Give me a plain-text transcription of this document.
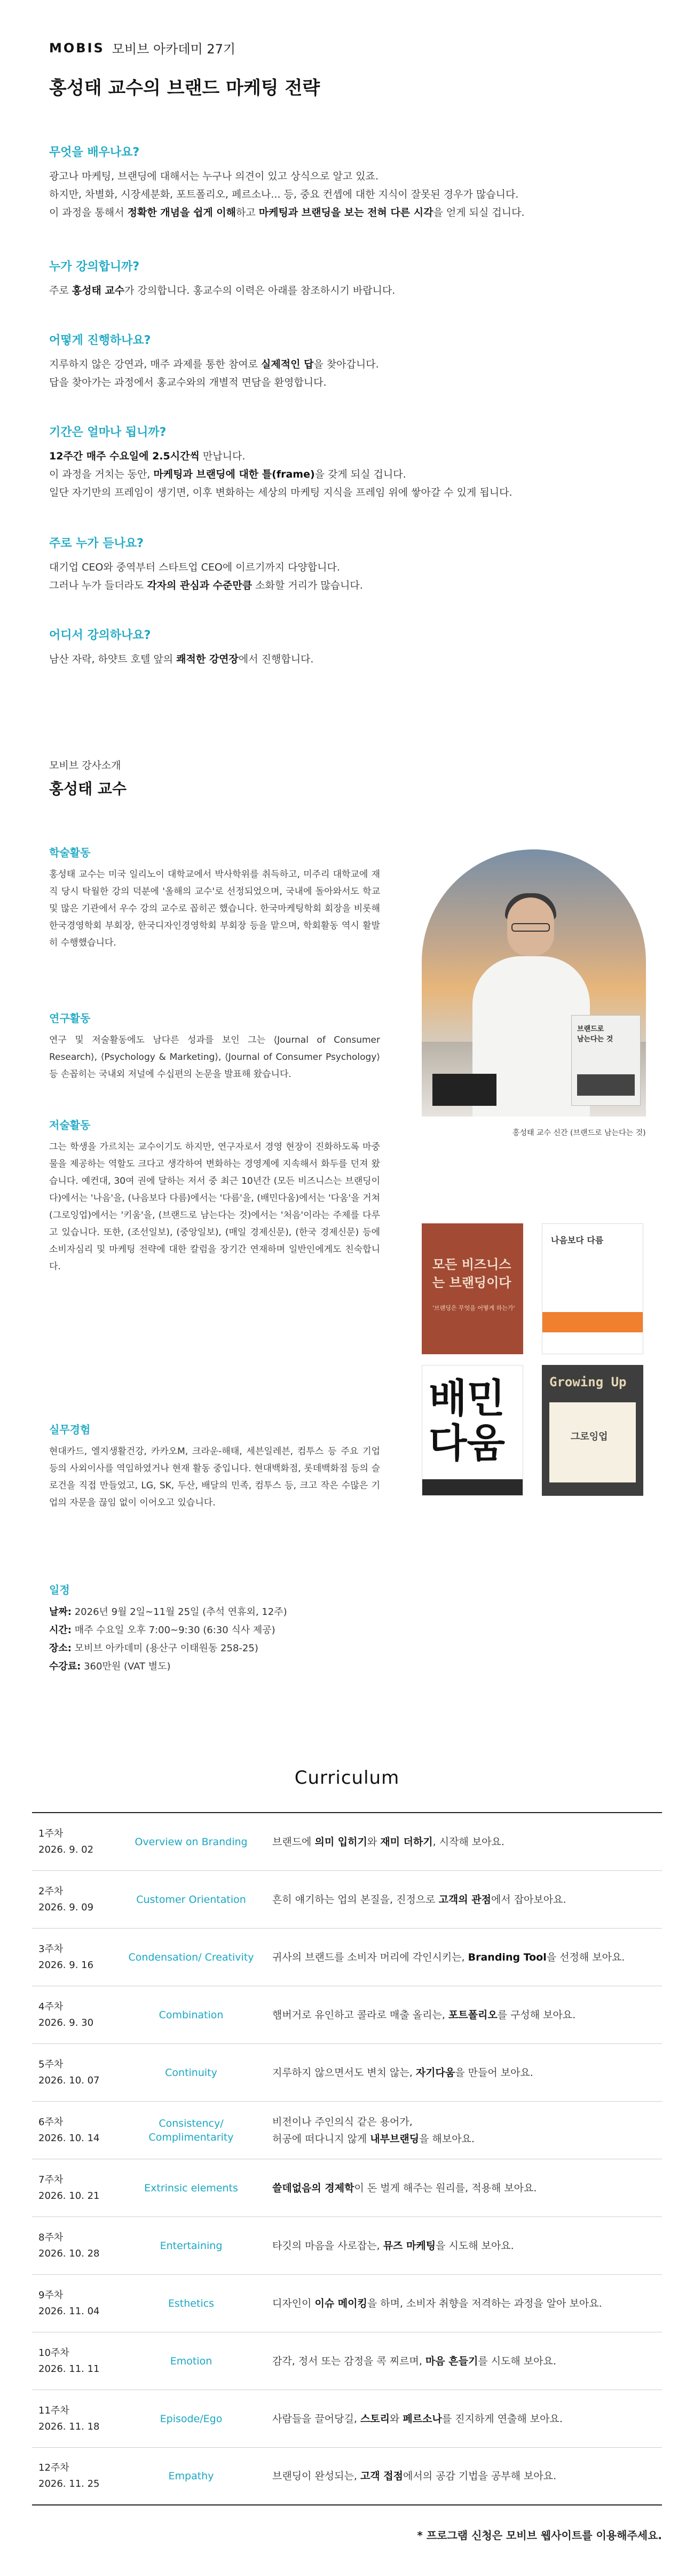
MOBIS 모비브 아카데미 27기
홍성태 교수의 브랜드 마케팅 전략
무엇을 배우나요?

광고나 마케팅, 브랜딩에 대해서는 누구나 의견이 있고 상식으로 알고 있죠.

하지만, 차별화, 시장세분화, 포트폴리오, 페르소나... 등, 중요 컨셉에 대한 지식이 잘못된 경우가 많습니다.

이 과정을 통해서 정확한 개념을 쉽게 이해하고 마케팅과 브랜딩을 보는 전혀 다른 시각을 얻게 되실 겁니다.

누가 강의합니까?

주로 홍성태 교수가 강의합니다. 홍교수의 이력은 아래를 참조하시기 바랍니다.

어떻게 진행하나요?

지루하지 않은 강연과, 매주 과제를 통한 참여로 실제적인 답을 찾아갑니다.

답을 찾아가는 과정에서 홍교수와의 개별적 면담을 환영합니다.

기간은 얼마나 됩니까?

12주간 매주 수요일에 2.5시간씩 만납니다.

이 과정을 거치는 동안, 마케팅과 브랜딩에 대한 틀(frame)을 갖게 되실 겁니다.

일단 자기만의 프레임이 생기면, 이후 변화하는 세상의 마케팅 지식을 프레임 위에 쌓아갈 수 있게 됩니다.

주로 누가 듣나요?

대기업 CEO와 중역부터 스타트업 CEO에 이르기까지 다양합니다.

그러나 누가 들더라도 각자의 관심과 수준만큼 소화할 거리가 많습니다.

어디서 강의하나요?

남산 자락, 하얏트 호텔 앞의 쾌적한 강연장에서 진행합니다.

모비브 강사소개
홍성태 교수
학술활동

홍성태 교수는 미국 일리노이 대학교에서 박사학위를 취득하고, 미주리 대학교에 재직 당시 탁월한 강의 덕분에 '올해의 교수'로 선정되었으며, 국내에 돌아와서도 학교 및 많은 기관에서 우수 강의 교수로 꼽히곤 했습니다. 한국마케팅학회 회장을 비롯해 한국경영학회 부회장, 한국디자인경영학회 부회장 등을 맡으며, 학회활동 역시 활발히 수행했습니다.

연구활동

연구 및 저술활동에도 남다른 성과를 보인 그는 ⟨Journal of Consumer Research⟩, ⟨Psychology & Marketing⟩, ⟨Journal of Consumer Psychology⟩ 등 손꼽히는 국내외 저널에 수십편의 논문을 발표해 왔습니다.

저술활동

그는 학생을 가르치는 교수이기도 하지만, 연구자로서 경영 현장이 진화하도록 마중물을 제공하는 역할도 크다고 생각하여 변화하는 경영계에 지속해서 화두를 던져 왔습니다. 예컨대, 30여 권에 달하는 저서 중 최근 10년간 (모든 비즈니스는 브랜딩이다)에서는 '나음'을, (나음보다 다름)에서는 '다름'을, (배민다움)에서는 '다움'을 거쳐 (그로잉업)에서는 '키움'을, (브랜드로 남는다는 것)에서는 '처음'이라는 주제를 다루고 있습니다. 또한, (조선일보), (중앙일보), (매일 경제신문), (한국 경제신문) 등에 소비자심리 및 마케팅 전략에 대한 칼럼을 장기간 연재하며 일반인에게도 친숙합니다.

실무경험

현대카드, 엘지생활건강, 카카오M, 크라운-해태, 세븐일레븐, 컴투스 등 주요 기업 등의 사외이사를 역임하였거나 현재 활동 중입니다. 현대백화점, 롯데백화점 등의 슬로건을 직접 만들었고, LG, SK, 두산, 배달의 민족, 컴투스 등, 크고 작은 수많은 기업의 자문을 끊임 없이 이어오고 있습니다.

브랜드로
남는다는 것
홍성태 교수 신간 (브랜드로 남는다는 것)
모든 비즈니스는 브랜딩이다
'브랜딩은 무엇을 어떻게 하는가'
나음보다 다름
배민 다움
Growing Up
그로잉업
일정

날짜: 2026년 9월 2일~11월 25일 (추석 연휴외, 12주)

시간: 매주 수요일 오후 7:00~9:30 (6:30 식사 제공)

장소: 모비브 아카데미 (용산구 이태원동 258-25)

수강료: 360만원 (VAT 별도)

Curriculum
1주차
2026. 9. 02
Overview on Branding	브랜드에 의미 입히기와 재미 더하기, 시작해 보아요.
2주차
2026. 9. 09
Customer Orientation	흔히 얘기하는 업의 본질을, 진정으로 고객의 관점에서 잡아보아요.
3주차
2026. 9. 16
Condensation/ Creativity	귀사의 브랜드를 소비자 머리에 각인시키는, Branding Tool을 선정해 보아요.
4주차
2026. 9. 30
Combination	햄버거로 유인하고 콜라로 매출 올리는, 포트폴리오를 구성해 보아요.
5주차
2026. 10. 07
Continuity	지루하지 않으면서도 변치 않는, 자기다움을 만들어 보아요.
6주차
2026. 10. 14
Consistency/ Complimentarity
비전이나 주인의식 같은 용어가,
허공에 떠다니지 않게 내부브랜딩을 해보아요.
7주차
2026. 10. 21
Extrinsic elements	쓸데없음의 경제학이 돈 벌게 해주는 원리를, 적용해 보아요.
8주차
2026. 10. 28
Entertaining	타깃의 마음을 사로잡는, 뮤즈 마케팅을 시도해 보아요.
9주차
2026. 11. 04
Esthetics	디자인이 이슈 메이킹을 하며, 소비자 취향을 저격하는 과정을 알아 보아요.
10주차
2026. 11. 11
Emotion	감각, 정서 또는 감정을 콕 찌르며, 마음 흔들기를 시도해 보아요.
11주차
2026. 11. 18
Episode/Ego	사람들을 끌어당길, 스토리와 페르소나를 진지하게 연출해 보아요.
12주차
2026. 11. 25
Empathy	브랜딩이 완성되는, 고객 접점에서의 공감 기법을 공부해 보아요.
* 프로그램 신청은 모비브 웹사이트를 이용해주세요.
